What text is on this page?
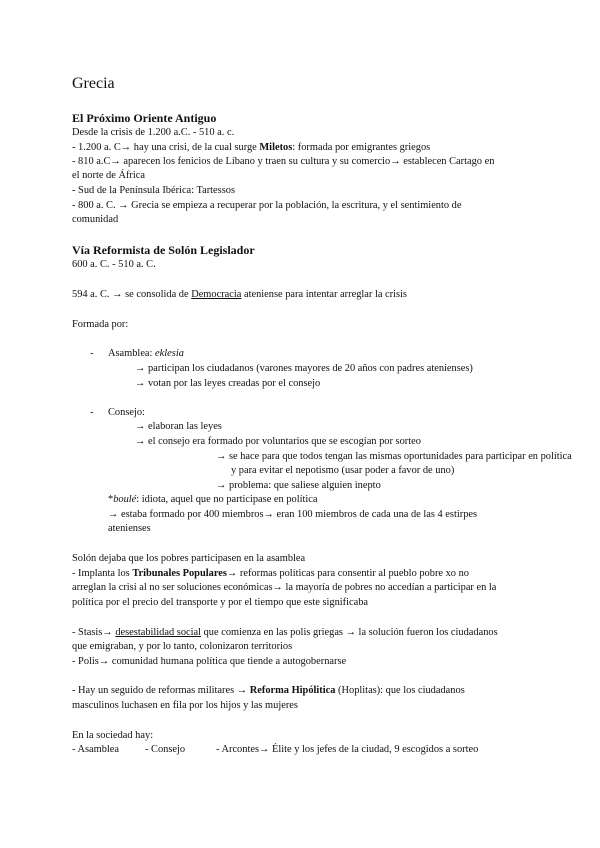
Grecia
El Próximo Oriente Antiguo
Desde la crisis de 1.200 a.C. - 510 a. c.
- 1.200 a. C→ hay una crisi, de la cual surge Miletos: formada por emigrantes griegos
- 810 a.C→ aparecen los fenicios de Líbano y traen su cultura y su comercio→ establecen Cartago en
el norte de África
- Sud de la Península Ibérica: Tartessos
- 800 a. C. → Grecia se empieza a recuperar por la población, la escritura, y el sentimiento de
comunidad
Vía Reformista de Solón Legislador
600 a. C. - 510 a. C.
594 a. C. → se consolida de Democracia ateniense para intentar arreglar la crisis
Formada por:
- Asamblea: eklesia
→ participan los ciudadanos (varones mayores de 20 años con padres atenienses)
→ votan por las leyes creadas por el consejo
- Consejo:
→ elaboran las leyes
→ el consejo era formado por voluntarios que se escogían por sorteo
→ se hace para que todos tengan las mismas oportunidades para participar en política
y para evitar el nepotismo (usar poder a favor de uno)
→ problema: que saliese alguien inepto
*boulé: idiota, aquel que no participase en política
→ estaba formado por 400 miembros→ eran 100 miembros de cada una de las 4 estirpes
atenienses
Solón dejaba que los pobres participasen en la asamblea
- Implanta los Tribunales Populares→ reformas políticas para consentir al pueblo pobre xo no
arreglan la crisi al no ser soluciones económicas→ la mayoría de pobres no accedían a participar en la
política por el precio del transporte y por el tiempo que este significaba
- Stasis→ desestabilidad social que comienza en las polis griegas → la solución fueron los ciudadanos
que emigraban, y por lo tanto, colonizaron territorios
- Polis→ comunidad humana política que tiende a autogobernarse
- Hay un seguido de reformas militares → Reforma Hipólitica (Hoplitas): que los ciudadanos
masculinos luchasen en fila por los hijos y las mujeres
En la sociedad hay:
- Asamblea - Consejo	- Arcontes→ Élite y los jefes de la ciudad, 9 escogidos a sorteo
